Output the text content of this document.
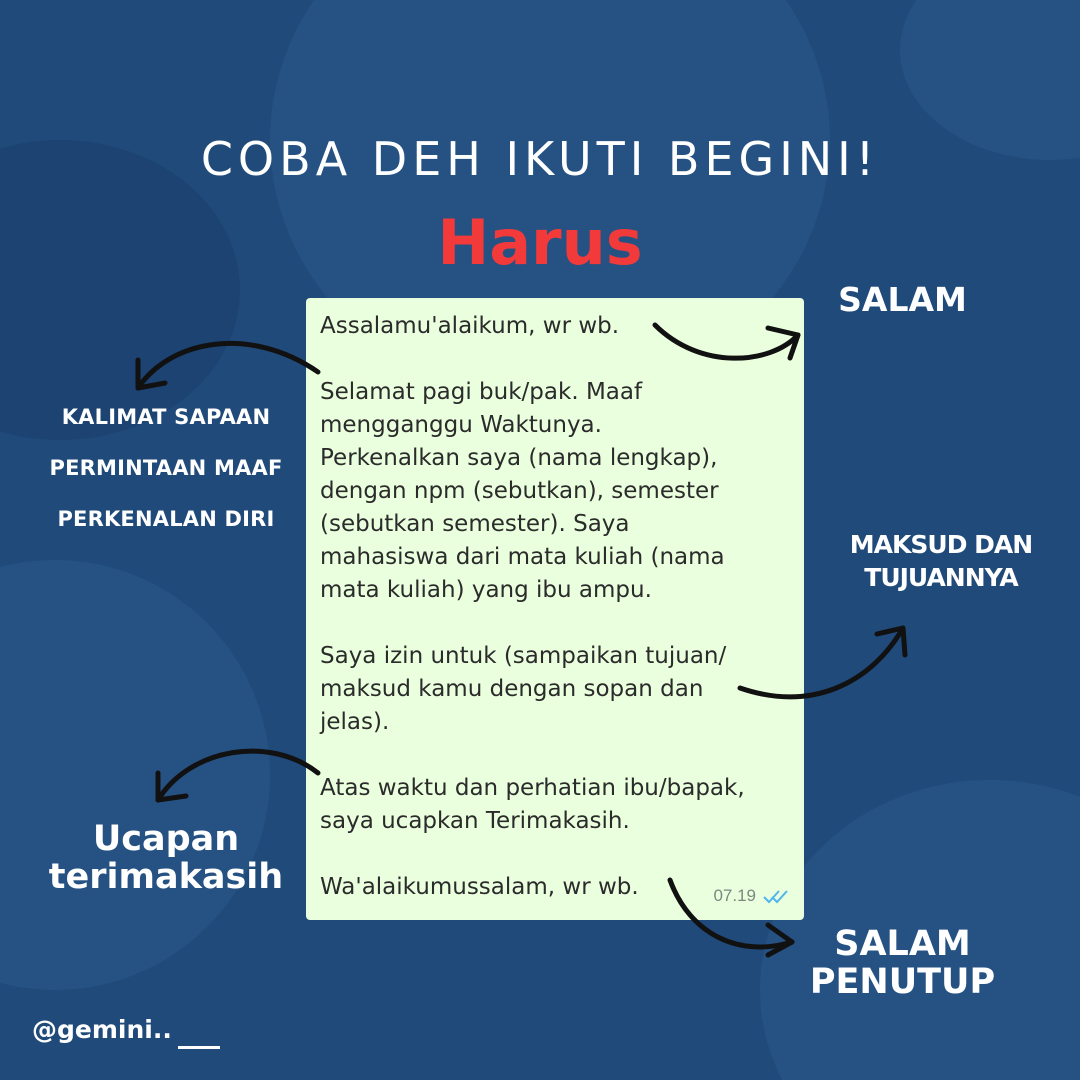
COBA DEH IKUTI BEGINI!
Harus

Assalamu'alaikum, wr wb.

Selamat pagi buk/pak. Maaf
mengganggu Waktunya.
Perkenalkan saya (nama lengkap),
dengan npm (sebutkan), semester
(sebutkan semester). Saya
mahasiswa dari mata kuliah (nama
mata kuliah) yang ibu ampu.

Saya izin untuk (sampaikan tujuan/
maksud kamu dengan sopan dan
jelas).

Atas waktu dan perhatian ibu/bapak,
saya ucapkan Terimakasih.

Wa'alaikumussalam, wr wb.	07.19
SALAM
KALIMAT SAPAAN
PERMINTAAN MAAF
PERKENALAN DIRI
MAKSUD DAN
TUJUANNYA
Ucapan
terimakasih
SALAM
PENUTUP
@gemini..
